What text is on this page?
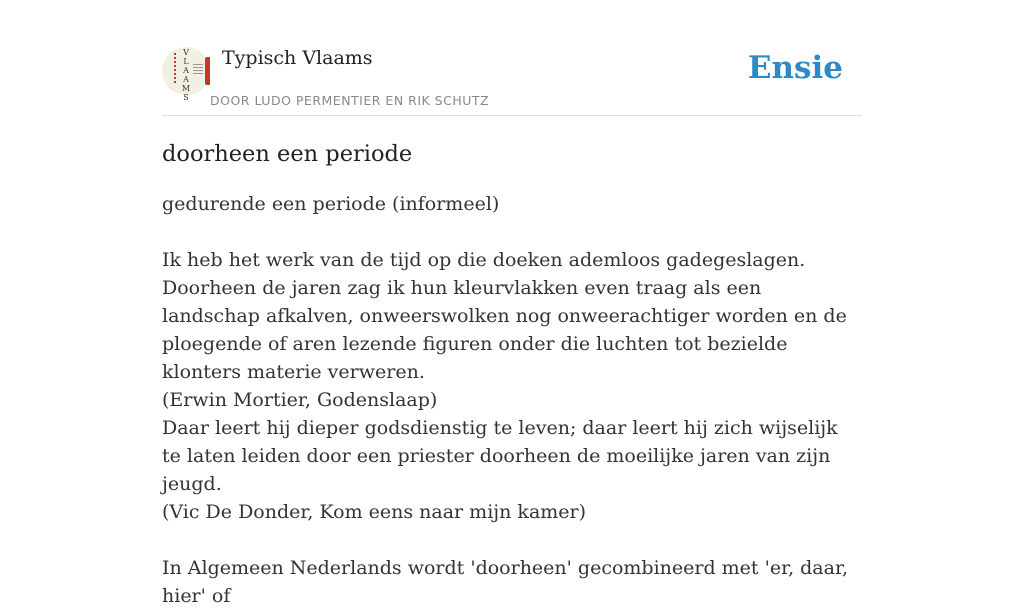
VLAAMS
Typisch Vlaams
DOOR LUDO PERMENTIER EN RIK SCHUTZ
Ensie
doorheen een periode

gedurende een periode (informeel)

Ik heb het werk van de tijd op die doeken ademloos gadegeslagen. Doorheen de jaren zag ik hun kleurvlakken even traag als een landschap afkalven, onweerswolken nog onweerachtiger worden en de ploegende of aren lezende figuren onder die luchten tot bezielde klonters materie verweren.

(Erwin Mortier, Godenslaap)

Daar leert hij dieper godsdienstig te leven; daar leert hij zich wijselijk te laten leiden door een priester doorheen de moeilijke jaren van zijn jeugd.

(Vic De Donder, Kom eens naar mijn kamer)

In Algemeen Nederlands wordt 'doorheen' gecombineerd met 'er, daar, hier' of
